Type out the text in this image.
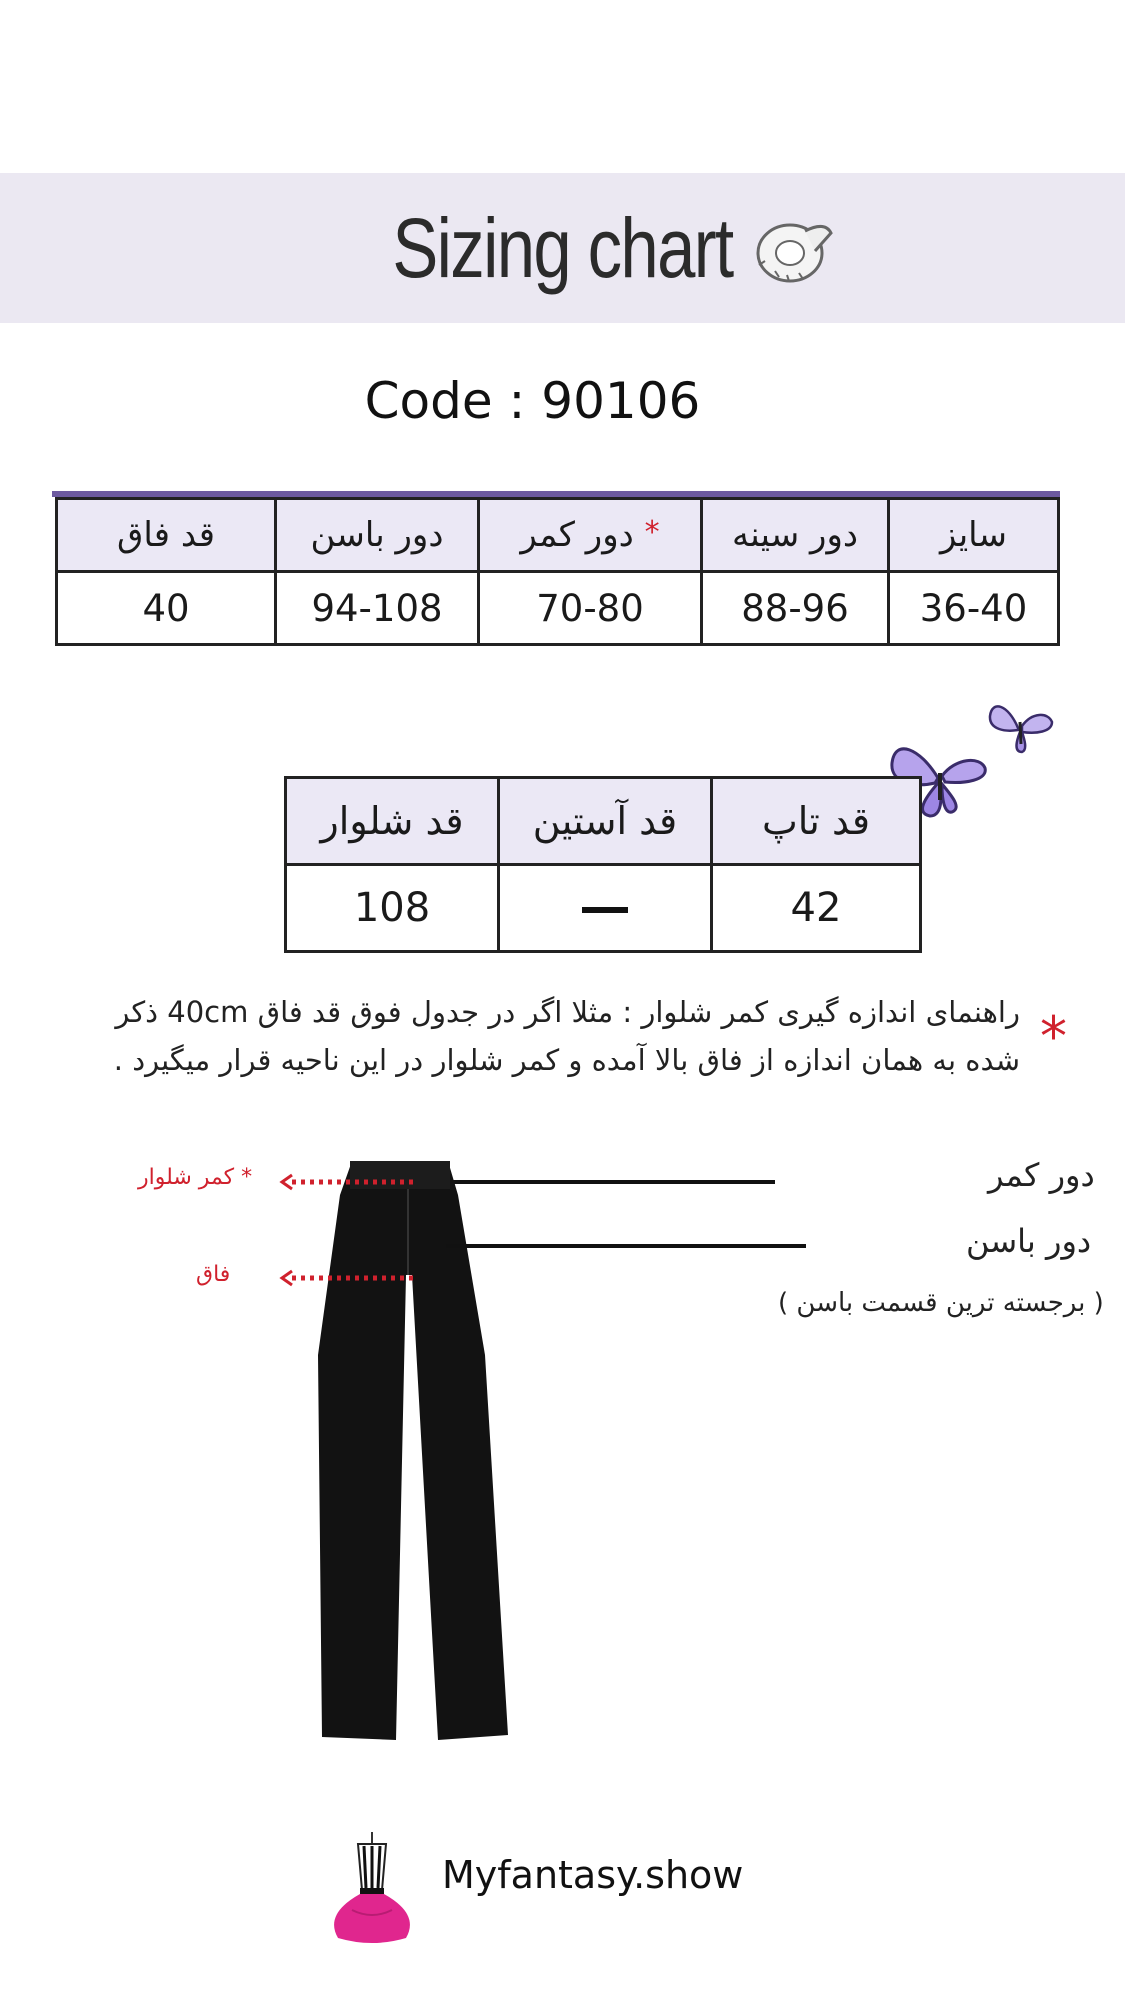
Sizing chart
Code : 90106
قد فاق	دور باسن	دور کمر *	دور سینه	سایز
40	94-108	70-80	88-96	36-40
قد شلوار	قد آستین	قد تاپ
108		42
*
راهنمای اندازه گیری کمر شلوار : مثلا اگر در جدول فوق قد فاق 40cm ذکر
شده به همان اندازه از فاق بالا آمده و کمر شلوار در این ناحیه قرار میگیرد .
* کمر شلوار
فاق
دور کمر
دور باسن
( برجسته ترین قسمت باسن )
Myfantasy.show
